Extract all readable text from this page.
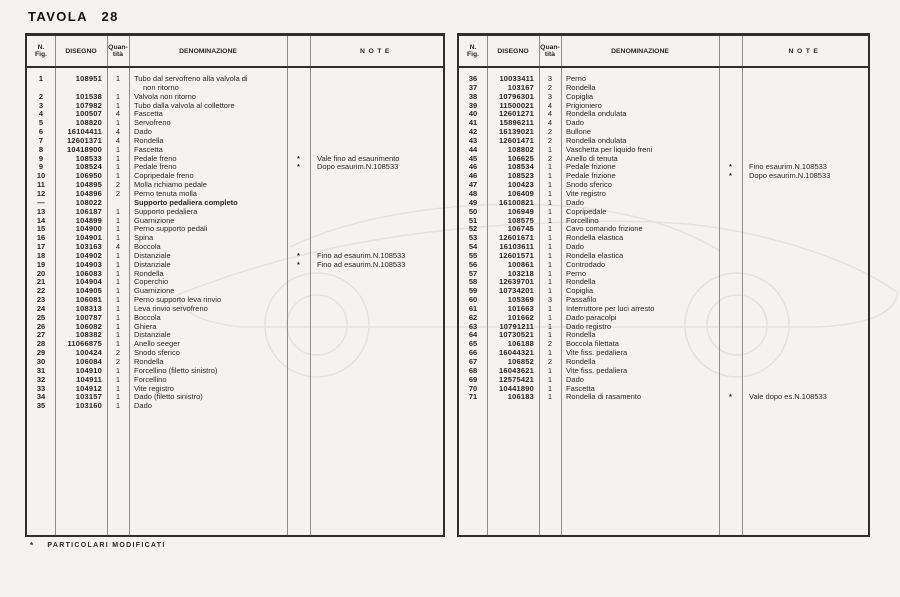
TAVOLA 28
N.
Fig.	DISEGNO
Quan-
tità	DENOMINAZIONE	NOTE
1	108951	1	Tubo dal servofreno alla valvola di
non ritorno
2	101538	1	Valvola non ritorno
3	107982	1	Tubo dalla valvola al collettore
4	100507	4	Fascetta
5	108820	1	Servofreno
6	16104411	4	Dado
7	12601371	4	Rondella
8	10418900	1	Fascetta
9	108533	1	Pedale freno	*	Vale fino ad esaurimento
9	108524	1	Pedale freno	*	Dopo esaurim.N.108533
10	106950	1	Copripedale freno
11	104895	2	Molla richiamo pedale
12	104896	2	Perno tenuta molla
—	108022	Supporto pedaliera completo
13	106187	1	Supporto pedaliera
14	104899	1	Guarnizione
15	104900	1	Perno supporto pedali
16	104901	1	Spina
17	103163	4	Boccola
18	104902	1	Distanziale	*	Fino ad esaurim.N.108533
19	104903	1	Distanziale	*	Fino ad esaurim.N.108533
20	106083	1	Rondella
21	104904	1	Coperchio
22	104905	1	Guarnizione
23	106081	1	Perno supporto leva rinvio
24	108313	1	Leva rinvio servofreno
25	100787	1	Boccola
26	106082	1	Ghiera
27	108382	1	Distanziale
28	11066875	1	Anello seeger
29	100424	2	Snodo sferico
30	106084	2	Rondella
31	104910	1	Forcellino (filetto sinistro)
32	104911	1	Forcellino
33	104912	1	Vite registro
34	103157	1	Dado (filetto sinistro)
35	103160	1	Dado
N.
Fig.	DISEGNO
Quan-
tità	DENOMINAZIONE	NOTE
36	10033411	3	Perno
37	103167	2	Rondella
38	10796301	3	Copiglia
39	11500021	4	Prigioniero
40	12601271	4	Rondella ondulata
41	15896211	4	Dado
42	16139021	2	Bullone
43	12601471	2	Rondella ondulata
44	108802	1	Vaschetta per liquido freni
45	106625	2	Anello di tenuta
46	108534	1	Pedale frizione	*	Fino esaurim.N.108533
46	108523	1	Pedale frizione	*	Dopo esaurim.N.108533
47	100423	1	Snodo sferico
48	106409	1	Vite registro
49	16100821	1	Dado
50	106949	1	Copripedale
51	108575	1	Forcellino
52	106745	1	Cavo comando frizione
53	12601671	1	Rondella elastica
54	16103611	1	Dado
55	12601571	1	Rondella elastica
56	100861	1	Controdado
57	103218	1	Perno
58	12639701	1	Rondella
59	10734201	1	Copiglia
60	105369	3	Passafilo
61	101663	1	Interruttore per luci arresto
62	101662	1	Dado paracolpi
63	10791211	1	Dado registro
64	10730521	1	Rondella
65	106188	2	Boccola filettata
66	16044321	1	Vite fiss. pedaliera
67	106852	2	Rondella
68	16043621	1	Vite fiss. pedaliera
69	12575421	1	Dado
70	10441890	1	Fascetta
71	106183	1	Rondella di rasamento	*	Vale dopo es.N.108533
* PARTICOLARI MODIFICATI
